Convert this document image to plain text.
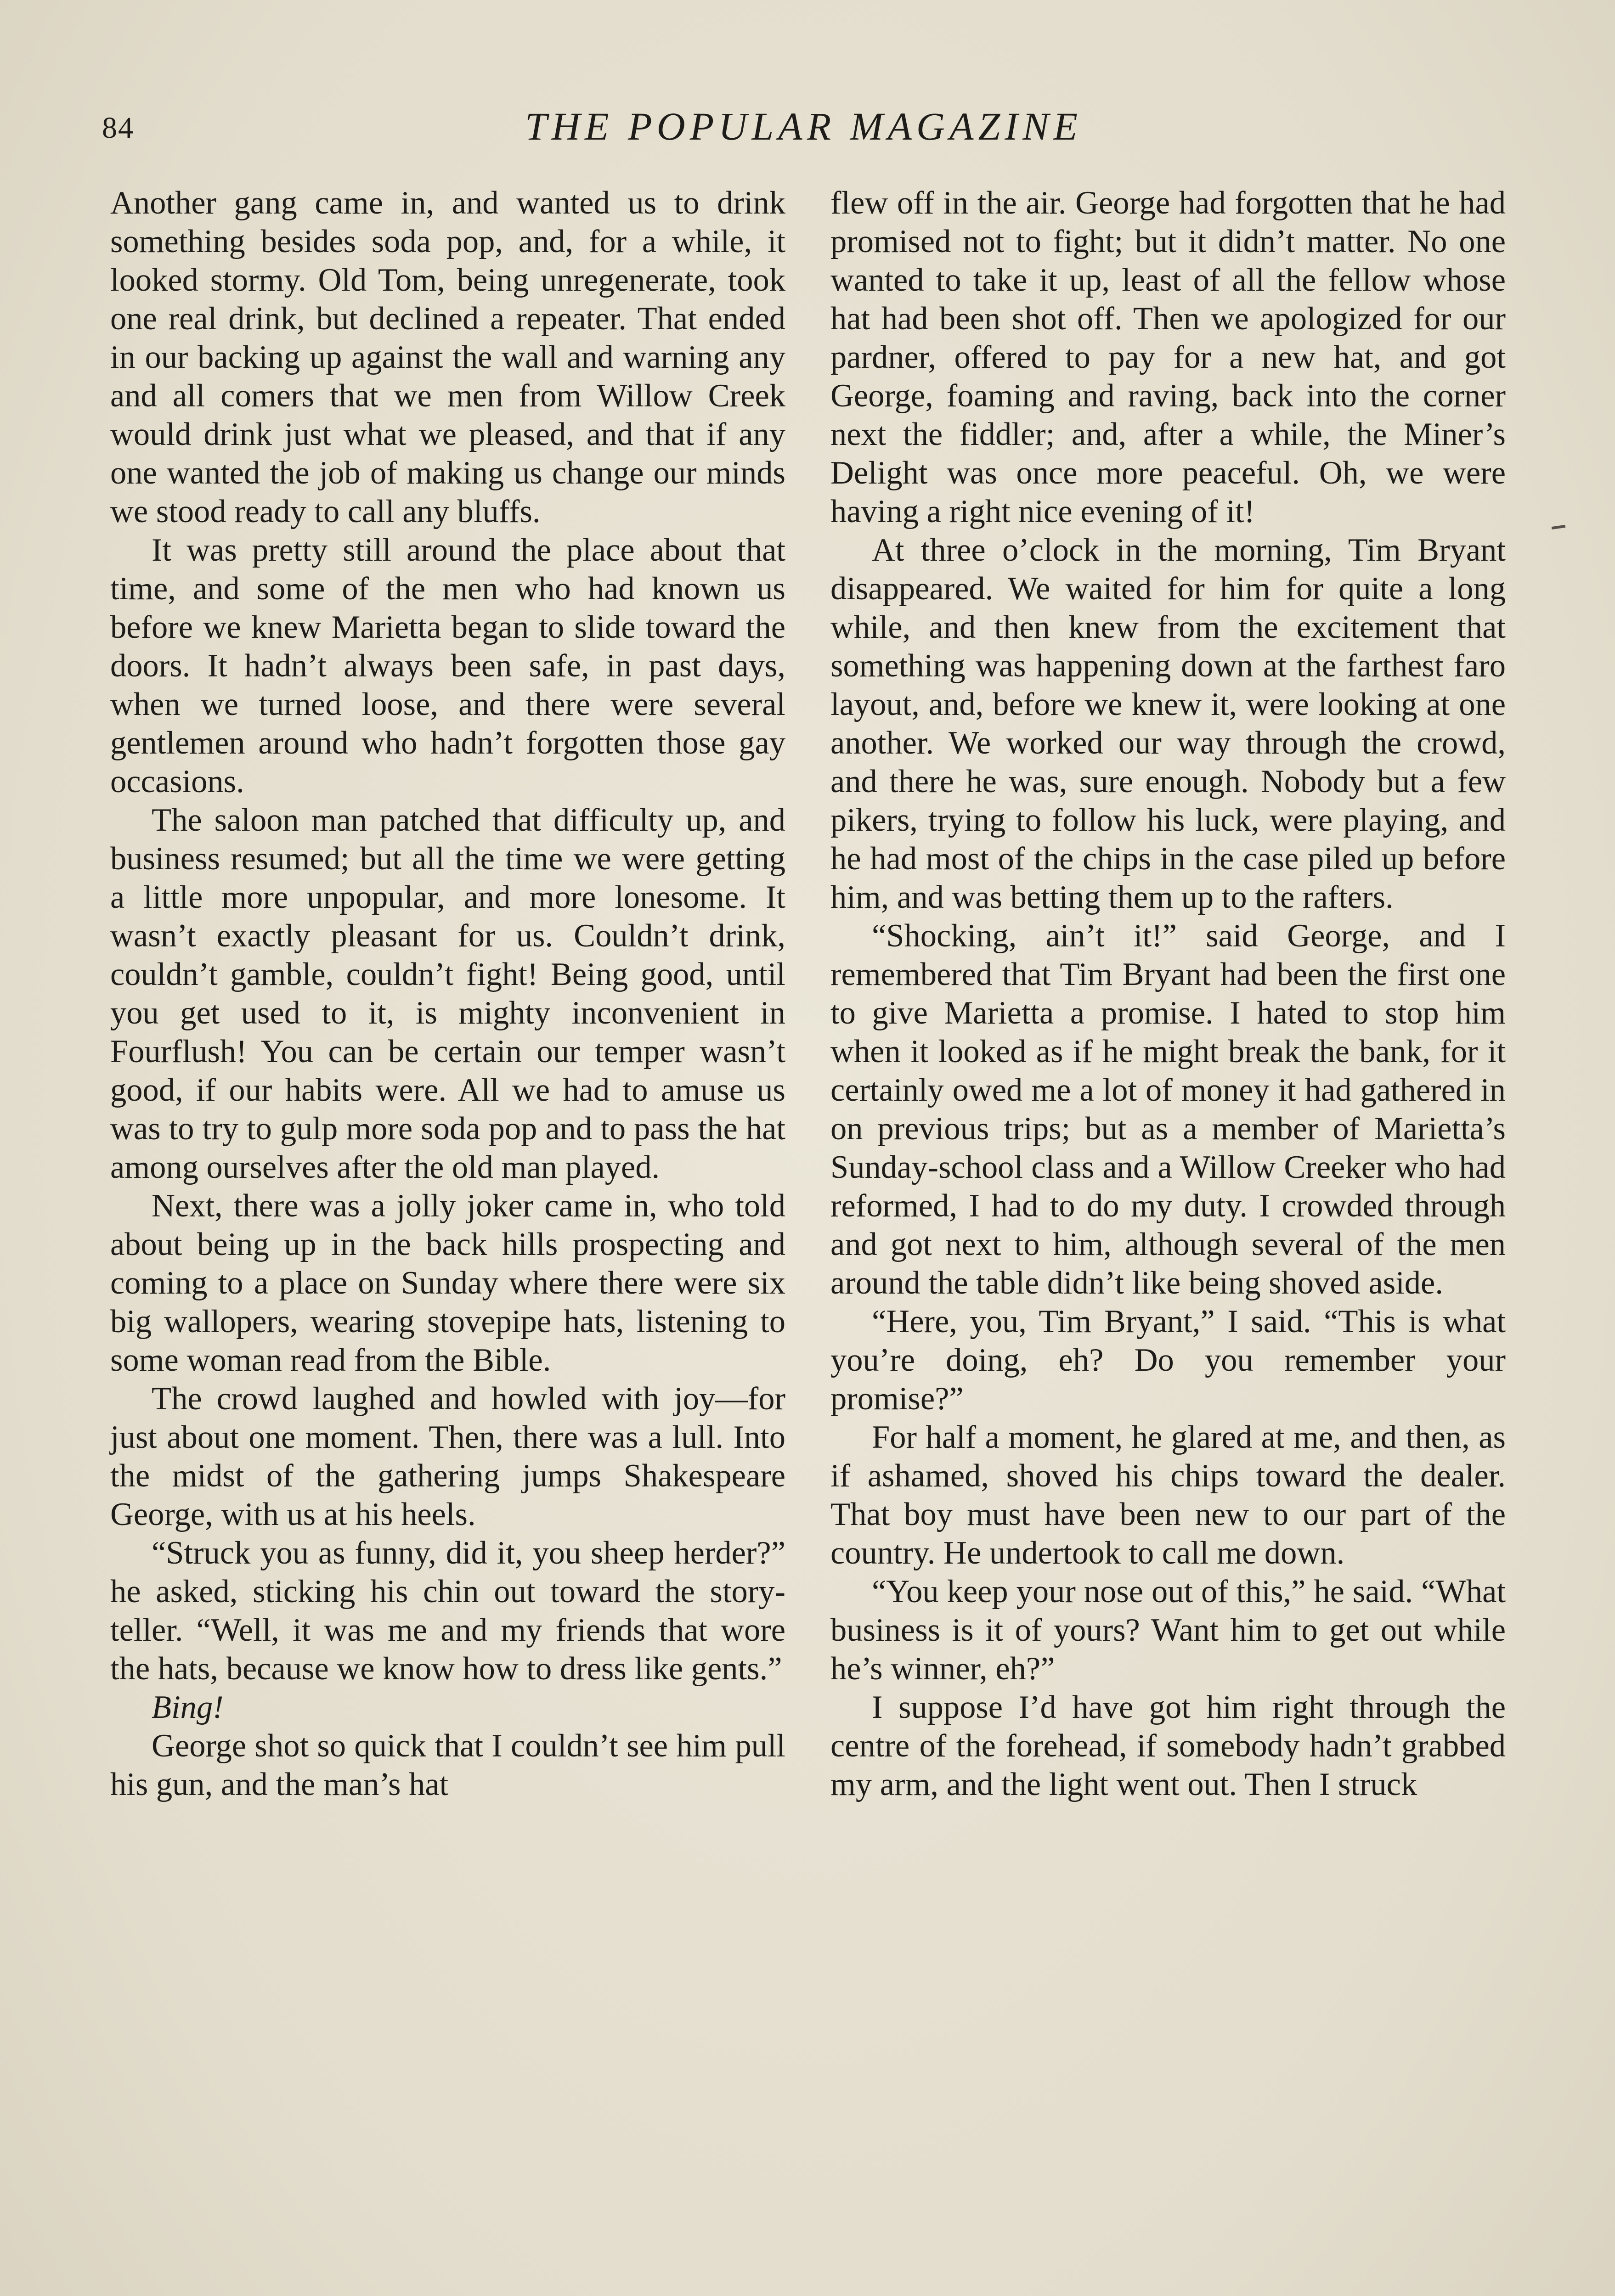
84	THE POPULAR MAGAZINE

Another gang came in, and wanted us to drink something besides soda pop, and, for a while, it looked stormy. Old Tom, being unregenerate, took one real drink, but declined a repeater. That ended in our backing up against the wall and warning any and all comers that we men from Willow Creek would drink just what we pleased, and that if any one wanted the job of making us change our minds we stood ready to call any bluffs.

It was pretty still around the place about that time, and some of the men who had known us before we knew Marietta began to slide toward the doors. It hadn’t always been safe, in past days, when we turned loose, and there were several gentlemen around who hadn’t forgotten those gay occasions.

The saloon man patched that difficulty up, and business resumed; but all the time we were getting a little more unpopular, and more lonesome. It wasn’t exactly pleasant for us. Couldn’t drink, couldn’t gamble, couldn’t fight! Being good, until you get used to it, is mighty inconvenient in Fourflush! You can be certain our temper wasn’t good, if our habits were. All we had to amuse us was to try to gulp more soda pop and to pass the hat among ourselves after the old man played.

Next, there was a jolly joker came in, who told about being up in the back hills prospecting and coming to a place on Sunday where there were six big wallopers, wearing stovepipe hats, listening to some woman read from the Bible.

The crowd laughed and howled with joy—for just about one moment. Then, there was a lull. Into the midst of the gathering jumps Shakespeare George, with us at his heels.

“Struck you as funny, did it, you sheep herder?” he asked, sticking his chin out toward the story-teller. “Well, it was me and my friends that wore the hats, because we know how to dress like gents.”

Bing!

George shot so quick that I couldn’t see him pull his gun, and the man’s hat

flew off in the air. George had forgotten that he had promised not to fight; but it didn’t matter. No one wanted to take it up, least of all the fellow whose hat had been shot off. Then we apologized for our pardner, offered to pay for a new hat, and got George, foaming and raving, back into the corner next the fiddler; and, after a while, the Miner’s Delight was once more peaceful. Oh, we were having a right nice evening of it!

At three o’clock in the morning, Tim Bryant disappeared. We waited for him for quite a long while, and then knew from the excitement that something was happening down at the farthest faro layout, and, before we knew it, were looking at one another. We worked our way through the crowd, and there he was, sure enough. Nobody but a few pikers, trying to follow his luck, were playing, and he had most of the chips in the case piled up before him, and was betting them up to the rafters.

“Shocking, ain’t it!” said George, and I remembered that Tim Bryant had been the first one to give Marietta a promise. I hated to stop him when it looked as if he might break the bank, for it certainly owed me a lot of money it had gathered in on previous trips; but as a member of Marietta’s Sunday-school class and a Willow Creeker who had reformed, I had to do my duty. I crowded through and got next to him, although several of the men around the table didn’t like being shoved aside.

“Here, you, Tim Bryant,” I said. “This is what you’re doing, eh? Do you remember your promise?”

For half a moment, he glared at me, and then, as if ashamed, shoved his chips toward the dealer. That boy must have been new to our part of the country. He undertook to call me down.

“You keep your nose out of this,” he said. “What business is it of yours? Want him to get out while he’s winner, eh?”

I suppose I’d have got him right through the centre of the forehead, if somebody hadn’t grabbed my arm, and the light went out. Then I struck
